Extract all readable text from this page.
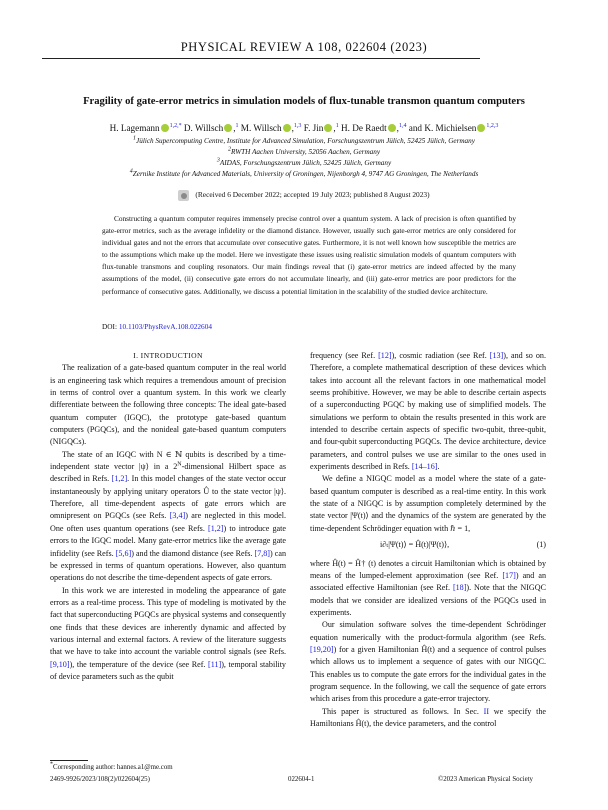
PHYSICAL REVIEW A 108, 022604 (2023)
Fragility of gate-error metrics in simulation models of flux-tunable transmon quantum computers
H. Lagemann $^{1,2,*}$ D. Willsch ,$^1$ M. Willsch ,$^{1,3}$ F. Jin ,$^1$ H. De Raedt ,$^{1,4}$ and K. Michielsen $^{1,2,3}$
$^1$Jülich Supercomputing Centre, Institute for Advanced Simulation, Forschungszentrum Jülich, 52425 Jülich, Germany
$^2$RWTH Aachen University, 52056 Aachen, Germany
$^3$AIDAS, Forschungszentrum Jülich, 52425 Jülich, Germany
$^4$Zernike Institute for Advanced Materials, University of Groningen, Nijenborgh 4, 9747 AG Groningen, The Netherlands
(Received 6 December 2022; accepted 19 July 2023; published 8 August 2023)
Constructing a quantum computer requires immensely precise control over a quantum system. A lack of precision is often quantified by gate-error metrics, such as the average infidelity or the diamond distance. However, usually such gate-error metrics are only considered for individual gates and not the errors that accumulate over consecutive gates. Furthermore, it is not well known how susceptible the metrics are to the assumptions which make up the model. Here we investigate these issues using realistic simulation models of quantum computers with flux-tunable transmons and coupling resonators. Our main findings reveal that (i) gate-error metrics are indeed affected by the many assumptions of the model, (ii) consecutive gate errors do not accumulate linearly, and (iii) gate-error metrics are poor predictors for the performance of consecutive gates. Additionally, we discuss a potential limitation in the scalability of the studied device architecture.
DOI: 10.1103/PhysRevA.108.022604

I. INTRODUCTION

The realization of a gate-based quantum computer in the real world is an engineering task which requires a tremendous amount of precision in terms of control over a quantum system. In this work we clearly differentiate between the following three concepts: The ideal gate-based quantum computer (IGQC), the prototype gate-based quantum computers (PGQCs), and the nonideal gate-based quantum computers (NIGQCs).

The state of an IGQC with N ∈ ℕ qubits is described by a time-independent state vector |ψ⟩ in a $2^N$-dimensional Hilbert space as described in Refs. [1,2]. In this model changes of the state vector occur instantaneously by applying unitary operators Û to the state vector |ψ⟩. Therefore, all time-dependent aspects of gate errors which are omnipresent on PGQCs (see Refs. [3,4]) are neglected in this model. One often uses quantum operations (see Refs. [1,2]) to introduce gate errors to the IGQC model. Many gate-error metrics like the average gate infidelity (see Refs. [5,6]) and the diamond distance (see Refs. [7,8]) can be expressed in terms of quantum operations. However, also quantum operations do not describe the time-dependent aspects of gate errors.

In this work we are interested in modeling the appearance of gate errors as a real-time process. This type of modeling is motivated by the fact that superconducting PGQCs are physical systems and consequently one finds that these devices are inherently dynamic and affected by various internal and external factors. A review of the literature suggests that we have to take into account the variable control signals (see Refs. [9,10]), the temperature of the device (see Ref. [11]), temporal stability of device parameters such as the qubit

frequency (see Ref. [12]), cosmic radiation (see Ref. [13]), and so on. Therefore, a complete mathematical description of these devices which takes into account all the relevant factors in one mathematical model seems prohibitive. However, we may be able to describe certain aspects of a superconducting PGQC by making use of simplified models. The simulations we perform to obtain the results presented in this work are intended to describe certain aspects of specific two-qubit, three-qubit, and four-qubit superconducting PGQCs. The device architecture, device parameters, and control pulses we use are similar to the ones used in experiments described in Refs. [14–16].

We define a NIGQC model as a model where the state of a gate-based quantum computer is described as a real-time entity. In this work the state of a NIGQC is by assumption completely determined by the state vector |Ψ(t)⟩ and the dynamics of the system are generated by the time-dependent Schrödinger equation with ℏ = 1,

i∂ₜ|Ψ(t)⟩ = Ĥ(t)|Ψ(t)⟩,	(1)

where Ĥ(t) = Ĥ† (t) denotes a circuit Hamiltonian which is obtained by means of the lumped-element approximation (see Ref. [17]) and an associated effective Hamiltonian (see Ref. [18]). Note that the NIGQC models that we consider are idealized versions of the PGQCs used in experiments.

Our simulation software solves the time-dependent Schrödinger equation numerically with the product-formula algorithm (see Refs. [19,20]) for a given Hamiltonian Ĥ(t) and a sequence of control pulses which allows us to implement a sequence of gates with our NIGQC. This enables us to compute the gate errors for the individual gates in the program sequence. In the following, we call the sequence of gate errors which arises from this procedure a gate-error trajectory.

This paper is structured as follows. In Sec. II we specify the Hamiltonians Ĥ(t), the device parameters, and the control

*Corresponding author: hannes.a1@me.com
2469-9926/2023/108(2)/022604(25)	022604-1	©2023 American Physical Society
